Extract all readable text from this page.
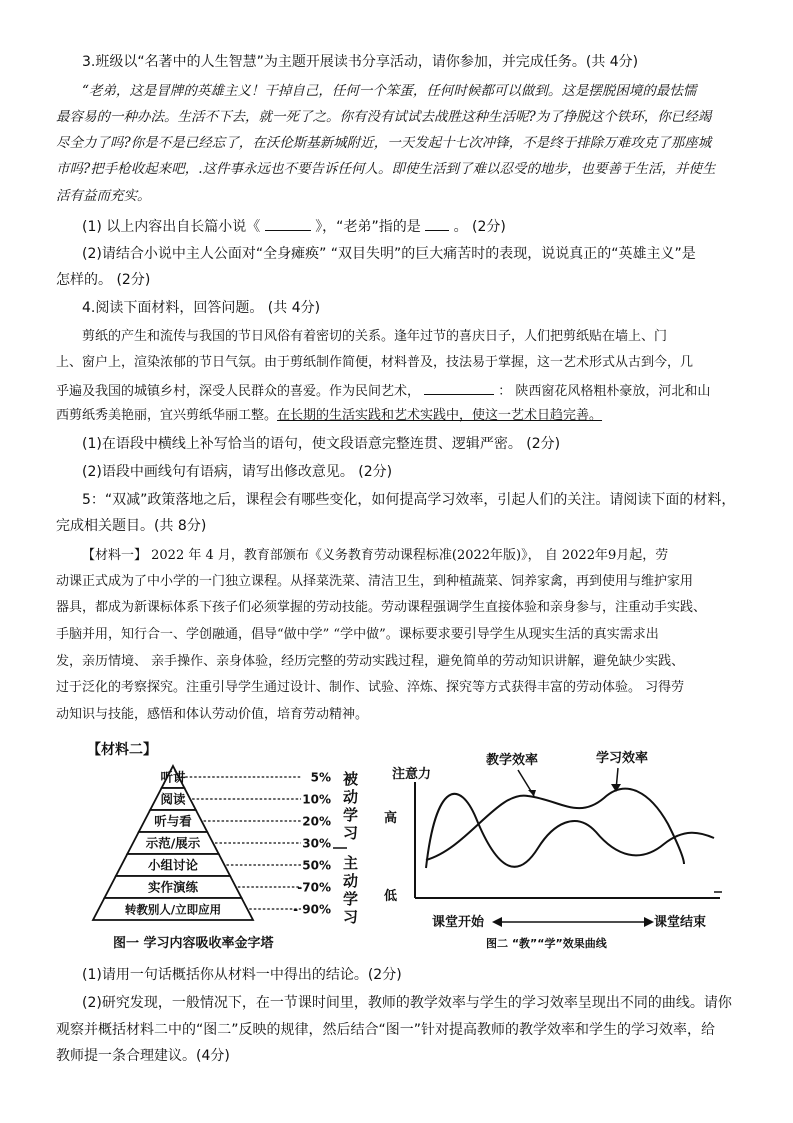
3.班级以“名著中的人生智慧”为主题开展读书分享活动，请你参加，并完成任务。(共 4分)
“老弟，这是冒牌的英雄主义！干掉自己，任何一个笨蛋，任何时候都可以做到。这是摆脱困境的最怯懦
最容易的一种办法。生活不下去，就一死了之。你有没有试试去战胜这种生活呢?为了挣脱这个铁环，你已经竭
尽全力了吗?你是不是已经忘了，在沃伦斯基新城附近，一天发起十七次冲锋，不是终于排除万难攻克了那座城
市吗?把手枪收起来吧，.这件事永远也不要告诉任何人。即使生活到了难以忍受的地步，也要善于生活，并使生
活有益而充实。
(1) 以上内容出自长篇小说《	》，“老弟”指的是 。 (2分)
(2)请结合小说中主人公面对“全身瘫痪” “双目失明”的巨大痛苦时的表现，说说真正的“英雄主义”是
怎样的。 (2分)
4.阅读下面材料，回答问题。 (共 4分)
剪纸的产生和流传与我国的节日风俗有着密切的关系。逢年过节的喜庆日子，人们把剪纸贴在墙上、门
上、窗户上，渲染浓郁的节日气氛。由于剪纸制作简便，材料普及，技法易于掌握，这一艺术形式从古到今，几
乎遍及我国的城镇乡村，深受人民群众的喜爱。作为民间艺术，	： 陕西窗花风格粗朴豪放，河北和山
西剪纸秀美艳丽，宜兴剪纸华丽工整。在长期的生活实践和艺术实践中，使这一艺术日趋完善。
(1)在语段中横线上补写恰当的语句，使文段语意完整连贯、逻辑严密。 (2分)
(2)语段中画线句有语病，请写出修改意见。 (2分)
5：“双减”政策落地之后，课程会有哪些变化，如何提高学习效率，引起人们的关注。请阅读下面的材料，
完成相关题目。(共 8分)
【材料一】 2022 年 4 月，教育部颁布《义务教育劳动课程标准(2022年版)》， 自 2022年9月起，劳
动课正式成为了中小学的一门独立课程。从择菜洗菜、清洁卫生，到种植蔬菜、饲养家禽，再到使用与维护家用
器具，都成为新课标体系下孩子们必须掌握的劳动技能。劳动课程强调学生直接体验和亲身参与，注重动手实践、
手脑并用，知行合一、学创融通，倡导“做中学” “学中做”。课标要求要引导学生从现实生活的真实需求出
发，亲历情境、 亲手操作、亲身体验，经历完整的劳动实践过程，避免简单的劳动知识讲解，避免缺少实践、
过于泛化的考察探究。注重引导学生通过设计、制作、试验、淬炼、探究等方式获得丰富的劳动体验。 习得劳
动知识与技能，感悟和体认劳动价值，培育劳动精神。
【材料二】
听讲
阅读
听与看
示范/展示
小组讨论
实作演练
转教别人/立即应用
5%
10%
20%
30%
50%
-70%
- 90%
被动学习
主动学习
图一 学习内容吸收率金字塔
注意力
高
低
教学效率	学习效率
课堂开始	课堂结束
图二 “教”“学”效果曲线
(1)请用一句话概括你从材料一中得出的结论。(2分)
(2)研究发现，一般情况下，在一节课时间里，教师的教学效率与学生的学习效率呈现出不同的曲线。请你
观察并概括材料二中的“图二”反映的规律，然后结合“图一”针对提高教师的教学效率和学生的学习效率，给
教师提一条合理建议。(4分)
